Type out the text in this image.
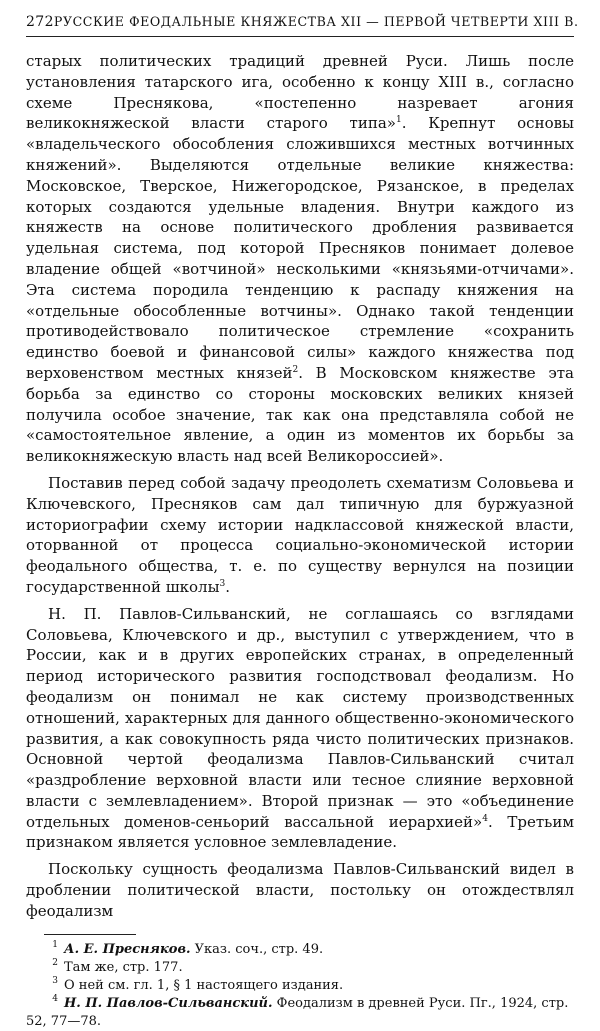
272 РУССКИЕ ФЕОДАЛЬНЫЕ КНЯЖЕСТВА XII — ПЕРВОЙ ЧЕТВЕРТИ XIII В.

старых политических традиций древней Руси. Лишь после установления татарского ига, особенно к концу XIII в., согласно схеме Преснякова, «постепенно назревает агония великокняжеской власти старого типа»$^1$. Крепнут основы «владельческого обособления сложившихся местных вотчинных княжений». Выделяются отдельные великие княжества: Московское, Тверское, Нижегородское, Рязанское, в пределах которых создаются удельные владения. Внутри каждого из княжеств на основе политического дробления развивается удельная система, под которой Пресняков понимает долевое владение общей «вотчиной» несколькими «князьями-отчичами». Эта система породила тенденцию к распаду княжения на «отдельные обособленные вотчины». Однако такой тенденции противодействовало политическое стремление «сохранить единство боевой и финансовой силы» каждого княжества под верховенством местных князей$^2$. В Московском княжестве эта борьба за единство со стороны московских великих князей получила особое значение, так как она представляла собой не «самостоятельное явление, а один из моментов их борьбы за великокняжескую власть над всей Великороссией».

Поставив перед собой задачу преодолеть схематизм Соловьева и Ключевского, Пресняков сам дал типичную для буржуазной историографии схему истории надклассовой княжеской власти, оторванной от процесса социально-экономической истории феодального общества, т. е. по существу вернулся на позиции государственной школы$^3$.

Н. П. Павлов-Сильванский, не соглашаясь со взглядами Соловьева, Ключевского и др., выступил с утверждением, что в России, как и в других европейских странах, в определенный период исторического развития господствовал феодализм. Но феодализм он понимал не как систему производственных отношений, характерных для данного общественно-экономического развития, а как совокупность ряда чисто политических признаков. Основной чертой феодализма Павлов-Сильванский считал «раздробление верховной власти или тесное слияние верховной власти с землевладением». Второй признак — это «объединение отдельных доменов-сеньорий вассальной иерархией»$^4$. Третьим признаком является условное землевладение.

Поскольку сущность феодализма Павлов-Сильванский видел в дроблении политической власти, постольку он отождествлял феодализм

1 А. Е. Пресняков. Указ. соч., стр. 49.
2 Там же, стр. 177.
3 О ней см. гл. 1, § 1 настоящего издания.
4 Н. П. Павлов-Сильванский. Феодализм в древней Руси. Пг., 1924, стр. 52, 77—78.
